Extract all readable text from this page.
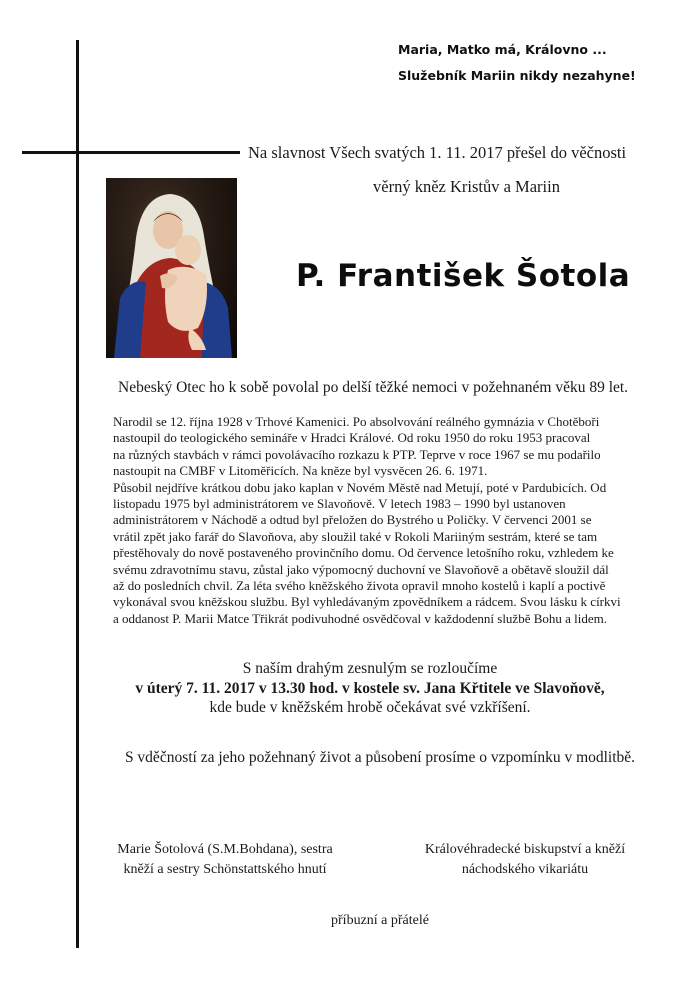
Maria, Matko má, Královno ...
Služebník Mariin nikdy nezahyne!
Na slavnost Všech svatých 1. 11. 2017 přešel do věčnosti
věrný kněz Kristův a Mariin
P. František Šotola
Nebeský Otec ho k sobě povolal po delší těžké nemoci v požehnaném věku 89 let.
Narodil se 12. října 1928 v Trhové Kamenici. Po absolvování reálného gymnázia v Chotěboři
nastoupil do teologického semináře v Hradci Králové. Od roku 1950 do roku 1953 pracoval
na různých stavbách v rámci povolávacího rozkazu k PTP. Teprve v roce 1967 se mu podařilo
nastoupit na CMBF v Litoměřicích. Na kněze byl vysvěcen 26. 6. 1971.
Působil nejdříve krátkou dobu jako kaplan v Novém Městě nad Metují, poté v Pardubicích. Od
listopadu 1975 byl administrátorem ve Slavoňově. V letech 1983 – 1990 byl ustanoven
administrátorem v Náchodě a odtud byl přeložen do Bystrého u Poličky. V červenci 2001 se
vrátil zpět jako farář do Slavoňova, aby sloužil také v Rokoli Mariiným sestrám, které se tam
přestěhovaly do nově postaveného provinčního domu. Od července letošního roku, vzhledem ke
svému zdravotnímu stavu, zůstal jako výpomocný duchovní ve Slavoňově a obětavě sloužil dál
až do posledních chvil. Za léta svého kněžského života opravil mnoho kostelů i kaplí a poctivě
vykonával svou kněžskou službu. Byl vyhledávaným zpovědníkem a rádcem. Svou lásku k církvi
a oddanost P. Marii Matce Třikrát podivuhodné osvědčoval v každodenní službě Bohu a lidem.
S naším drahým zesnulým se rozloučíme
v úterý 7. 11. 2017 v 13.30 hod. v kostele sv. Jana Křtitele ve Slavoňově,
kde bude v kněžském hrobě očekávat své vzkříšení.
S vděčností za jeho požehnaný život a působení prosíme o vzpomínku v modlitbě.
Marie Šotolová (S.M.Bohdana), sestra
kněží a sestry Schönstattského hnutí
Královéhradecké biskupství a kněží
náchodského vikariátu
příbuzní a přátelé
